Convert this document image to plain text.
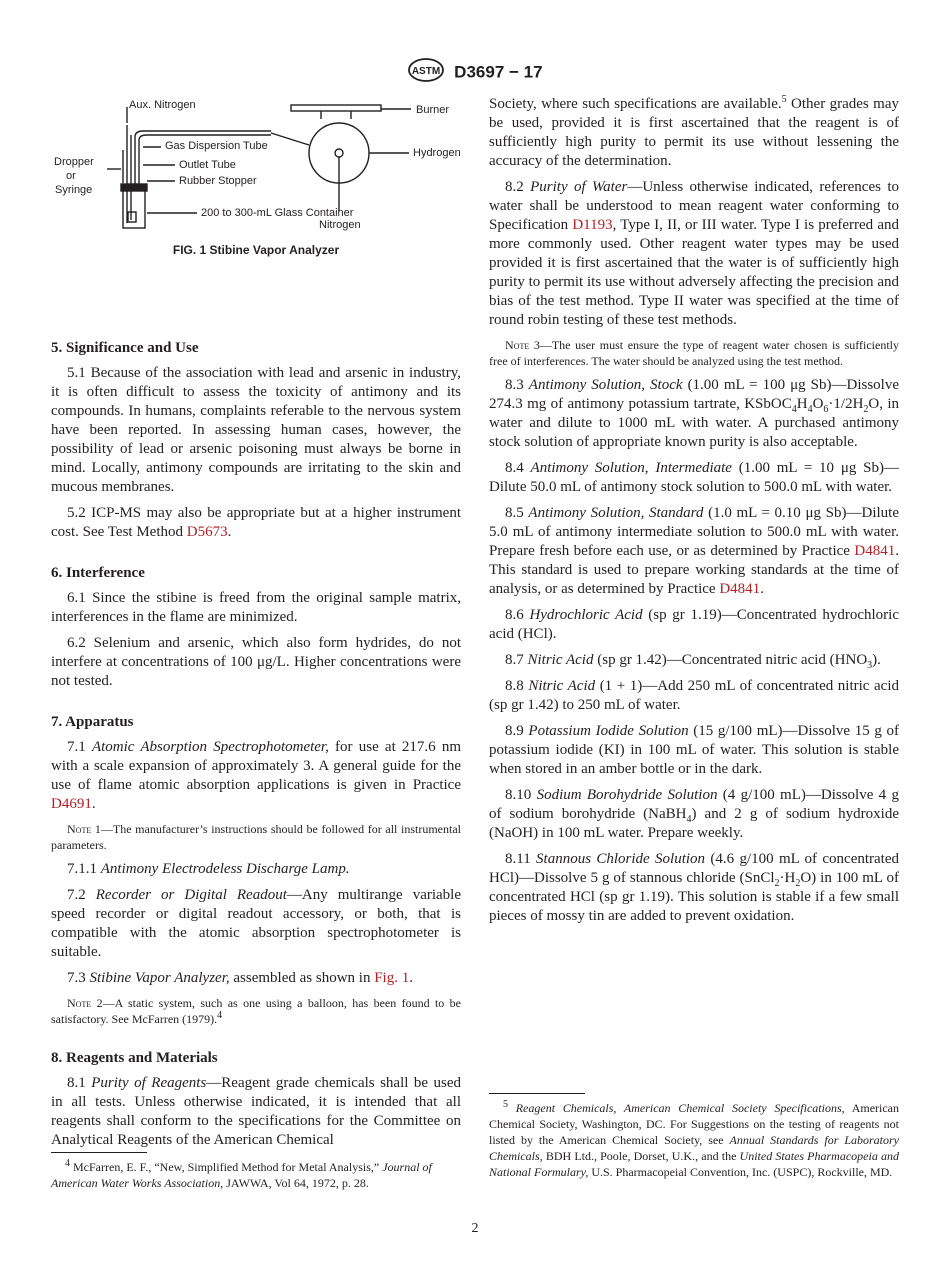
ASTM D3697 − 17
Aux. Nitrogen
Gas Dispersion Tube
Outlet Tube
Rubber Stopper
Dropper
or
Syringe
200 to 300-mL Glass Container
Burner
Hydrogen
Nitrogen
FIG. 1 Stibine Vapor Analyzer

5. Significance and Use

5.1 Because of the association with lead and arsenic in industry, it is often difficult to assess the toxicity of antimony and its compounds. In humans, complaints referable to the nervous system have been reported. In assessing human cases, however, the possibility of lead or arsenic poisoning must always be borne in mind. Locally, antimony compounds are irritating to the skin and mucous membranes.

5.2 ICP-MS may also be appropriate but at a higher instrument cost. See Test Method D5673.

6. Interference

6.1 Since the stibine is freed from the original sample matrix, interferences in the flame are minimized.

6.2 Selenium and arsenic, which also form hydrides, do not interfere at concentrations of 100 μg/L. Higher concentrations were not tested.

7. Apparatus

7.1 Atomic Absorption Spectrophotometer, for use at 217.6 nm with a scale expansion of approximately 3. A general guide for the use of flame atomic absorption applications is given in Practice D4691.

Note 1—The manufacturer’s instructions should be followed for all instrumental parameters.

7.1.1 Antimony Electrodeless Discharge Lamp.

7.2 Recorder or Digital Readout—Any multirange variable speed recorder or digital readout accessory, or both, that is compatible with the atomic absorption spectrophotometer is suitable.

7.3 Stibine Vapor Analyzer, assembled as shown in Fig. 1.

Note 2—A static system, such as one using a balloon, has been found to be satisfactory. See McFarren (1979).$^4$

8. Reagents and Materials

8.1 Purity of Reagents—Reagent grade chemicals shall be used in all tests. Unless otherwise indicated, it is intended that all reagents shall conform to the specifications for the Committee on Analytical Reagents of the American Chemical

$^4$ McFarren, E. F., “New, Simplified Method for Metal Analysis,” Journal of American Water Works Association, JAWWA, Vol 64, 1972, p. 28.

Society, where such specifications are available.$^5$ Other grades may be used, provided it is first ascertained that the reagent is of sufficiently high purity to permit its use without lessening the accuracy of the determination.

8.2 Purity of Water—Unless otherwise indicated, references to water shall be understood to mean reagent water conforming to Specification D1193, Type I, II, or III water. Type I is preferred and more commonly used. Other reagent water types may be used provided it is first ascertained that the water is of sufficiently high purity to permit its use without adversely affecting the precision and bias of the test method. Type II water was specified at the time of round robin testing of these test methods.

Note 3—The user must ensure the type of reagent water chosen is sufficiently free of interferences. The water should be analyzed using the test method.

8.3 Antimony Solution, Stock (1.00 mL = 100 μg Sb)—Dissolve 274.3 mg of antimony potassium tartrate, $KSbOC_4H_4O_6\cdot 1/2H_2O$, in water and dilute to 1000 mL with water. A purchased antimony stock solution of appropriate known purity is also acceptable.

8.4 Antimony Solution, Intermediate (1.00 mL = 10 μg Sb)—Dilute 50.0 mL of antimony stock solution to 500.0 mL with water.

8.5 Antimony Solution, Standard (1.0 mL = 0.10 μg Sb)—Dilute 5.0 mL of antimony intermediate solution to 500.0 mL with water. Prepare fresh before each use, or as determined by Practice D4841. This standard is used to prepare working standards at the time of analysis, or as determined by Practice D4841.

8.6 Hydrochloric Acid (sp gr 1.19)—Concentrated hydrochloric acid (HCl).

8.7 Nitric Acid (sp gr 1.42)—Concentrated nitric acid $(HNO_3)$.

8.8 Nitric Acid (1 + 1)—Add 250 mL of concentrated nitric acid (sp gr 1.42) to 250 mL of water.

8.9 Potassium Iodide Solution (15 g/100 mL)—Dissolve 15 g of potassium iodide (KI) in 100 mL of water. This solution is stable when stored in an amber bottle or in the dark.

8.10 Sodium Borohydride Solution (4 g/100 mL)—Dissolve 4 g of sodium borohydride (NaBH$_4$) and 2 g of sodium hydroxide (NaOH) in 100 mL water. Prepare weekly.

8.11 Stannous Chloride Solution (4.6 g/100 mL of concentrated HCl)—Dissolve 5 g of stannous chloride $(SnCl_2\cdot H_2O)$ in 100 mL of concentrated HCl (sp gr 1.19). This solution is stable if a few small pieces of mossy tin are added to prevent oxidation.

$^5$ Reagent Chemicals, American Chemical Society Specifications, American Chemical Society, Washington, DC. For Suggestions on the testing of reagents not listed by the American Chemical Society, see Annual Standards for Laboratory Chemicals, BDH Ltd., Poole, Dorset, U.K., and the United States Pharmacopeia and National Formulary, U.S. Pharmacopeial Convention, Inc. (USPC), Rockville, MD.

2
